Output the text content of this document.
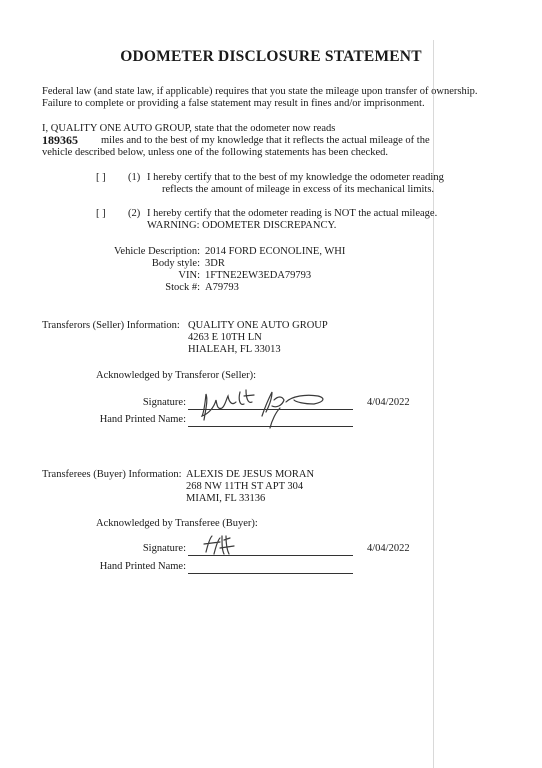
ODOMETER DISCLOSURE STATEMENT
Federal law (and state law, if applicable) requires that you state the mileage upon transfer of ownership.
Failure to complete or providing a false statement may result in fines and/or imprisonment.
I, QUALITY ONE AUTO GROUP, state that the odometer now reads
189365 miles and to the best of my knowledge that it reflects the actual mileage of the
vehicle described below, unless one of the following statements has been checked.
[ ] (1) I hereby certify that to the best of my knowledge the odometer reading
reflects the amount of mileage in excess of its mechanical limits.
[ ] (2) I hereby certify that the odometer reading is NOT the actual mileage.
WARNING: ODOMETER DISCREPANCY.
Vehicle Description: 2014 FORD ECONOLINE, WHI
Body style: 3DR
VIN: 1FTNE2EW3EDA79793
Stock #: A79793
Transferors (Seller) Information: QUALITY ONE AUTO GROUP
4263 E 10TH LN
HIALEAH, FL 33013
Acknowledged by Transferor (Seller):
Signature:	4/04/2022
Hand Printed Name:
Transferees (Buyer) Information: ALEXIS DE JESUS MORAN
268 NW 11TH ST APT 304
MIAMI, FL 33136
Acknowledged by Transferee (Buyer):
Signature:	4/04/2022
Hand Printed Name:
